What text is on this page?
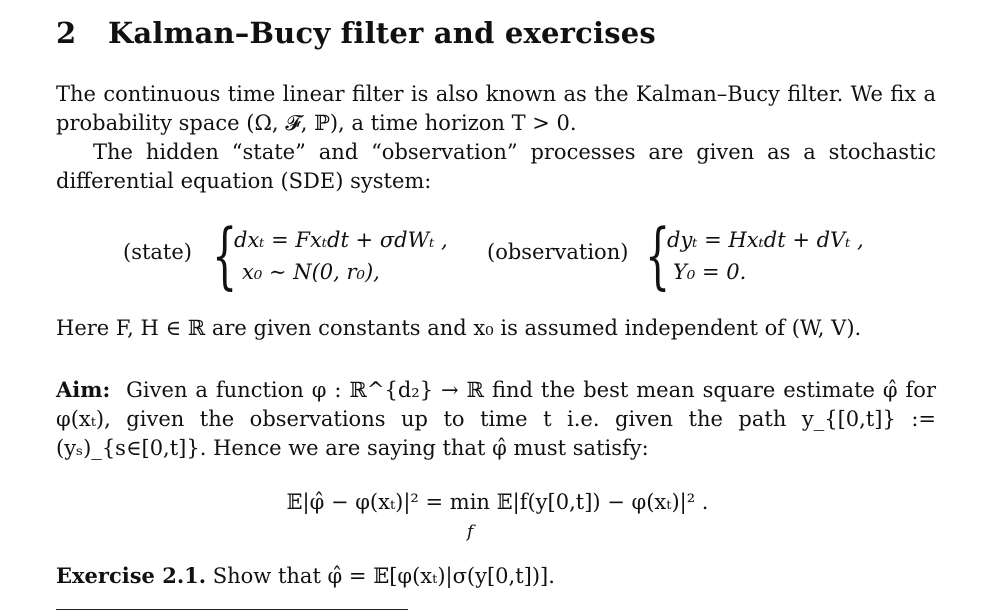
2 Kalman–Bucy filter and exercises
The continuous time linear filter is also known as the Kalman–Bucy filter. We fix a probability space (Ω, 𝓕, ℙ), a time horizon T > 0.
The hidden “state” and “observation” processes are given as a stochastic differential equation (SDE) system:
(state) {
dxₜ = Fxₜdt + σdWₜ ,
x₀ ∼ N(0, r₀),
(observation) {
dyₜ = Hxₜdt + dVₜ ,
Y₀ = 0.
Here F, H ∈ ℝ are given constants and x₀ is assumed independent of (W, V).
Aim: Given a function φ : ℝ^{d₂} → ℝ find the best mean square estimate φ̂ for φ(xₜ), given the observations up to time t i.e. given the path y_{[0,t]} := (yₛ)_{s∈[0,t]}. Hence we are saying that φ̂ must satisfy:
𝔼|φ̂ − φ(xₜ)|² = min 𝔼|f(y[0,t]) − φ(xₜ)|² .
f
Exercise 2.1. Show that φ̂ = 𝔼[φ(xₜ)|σ(y[0,t])].
